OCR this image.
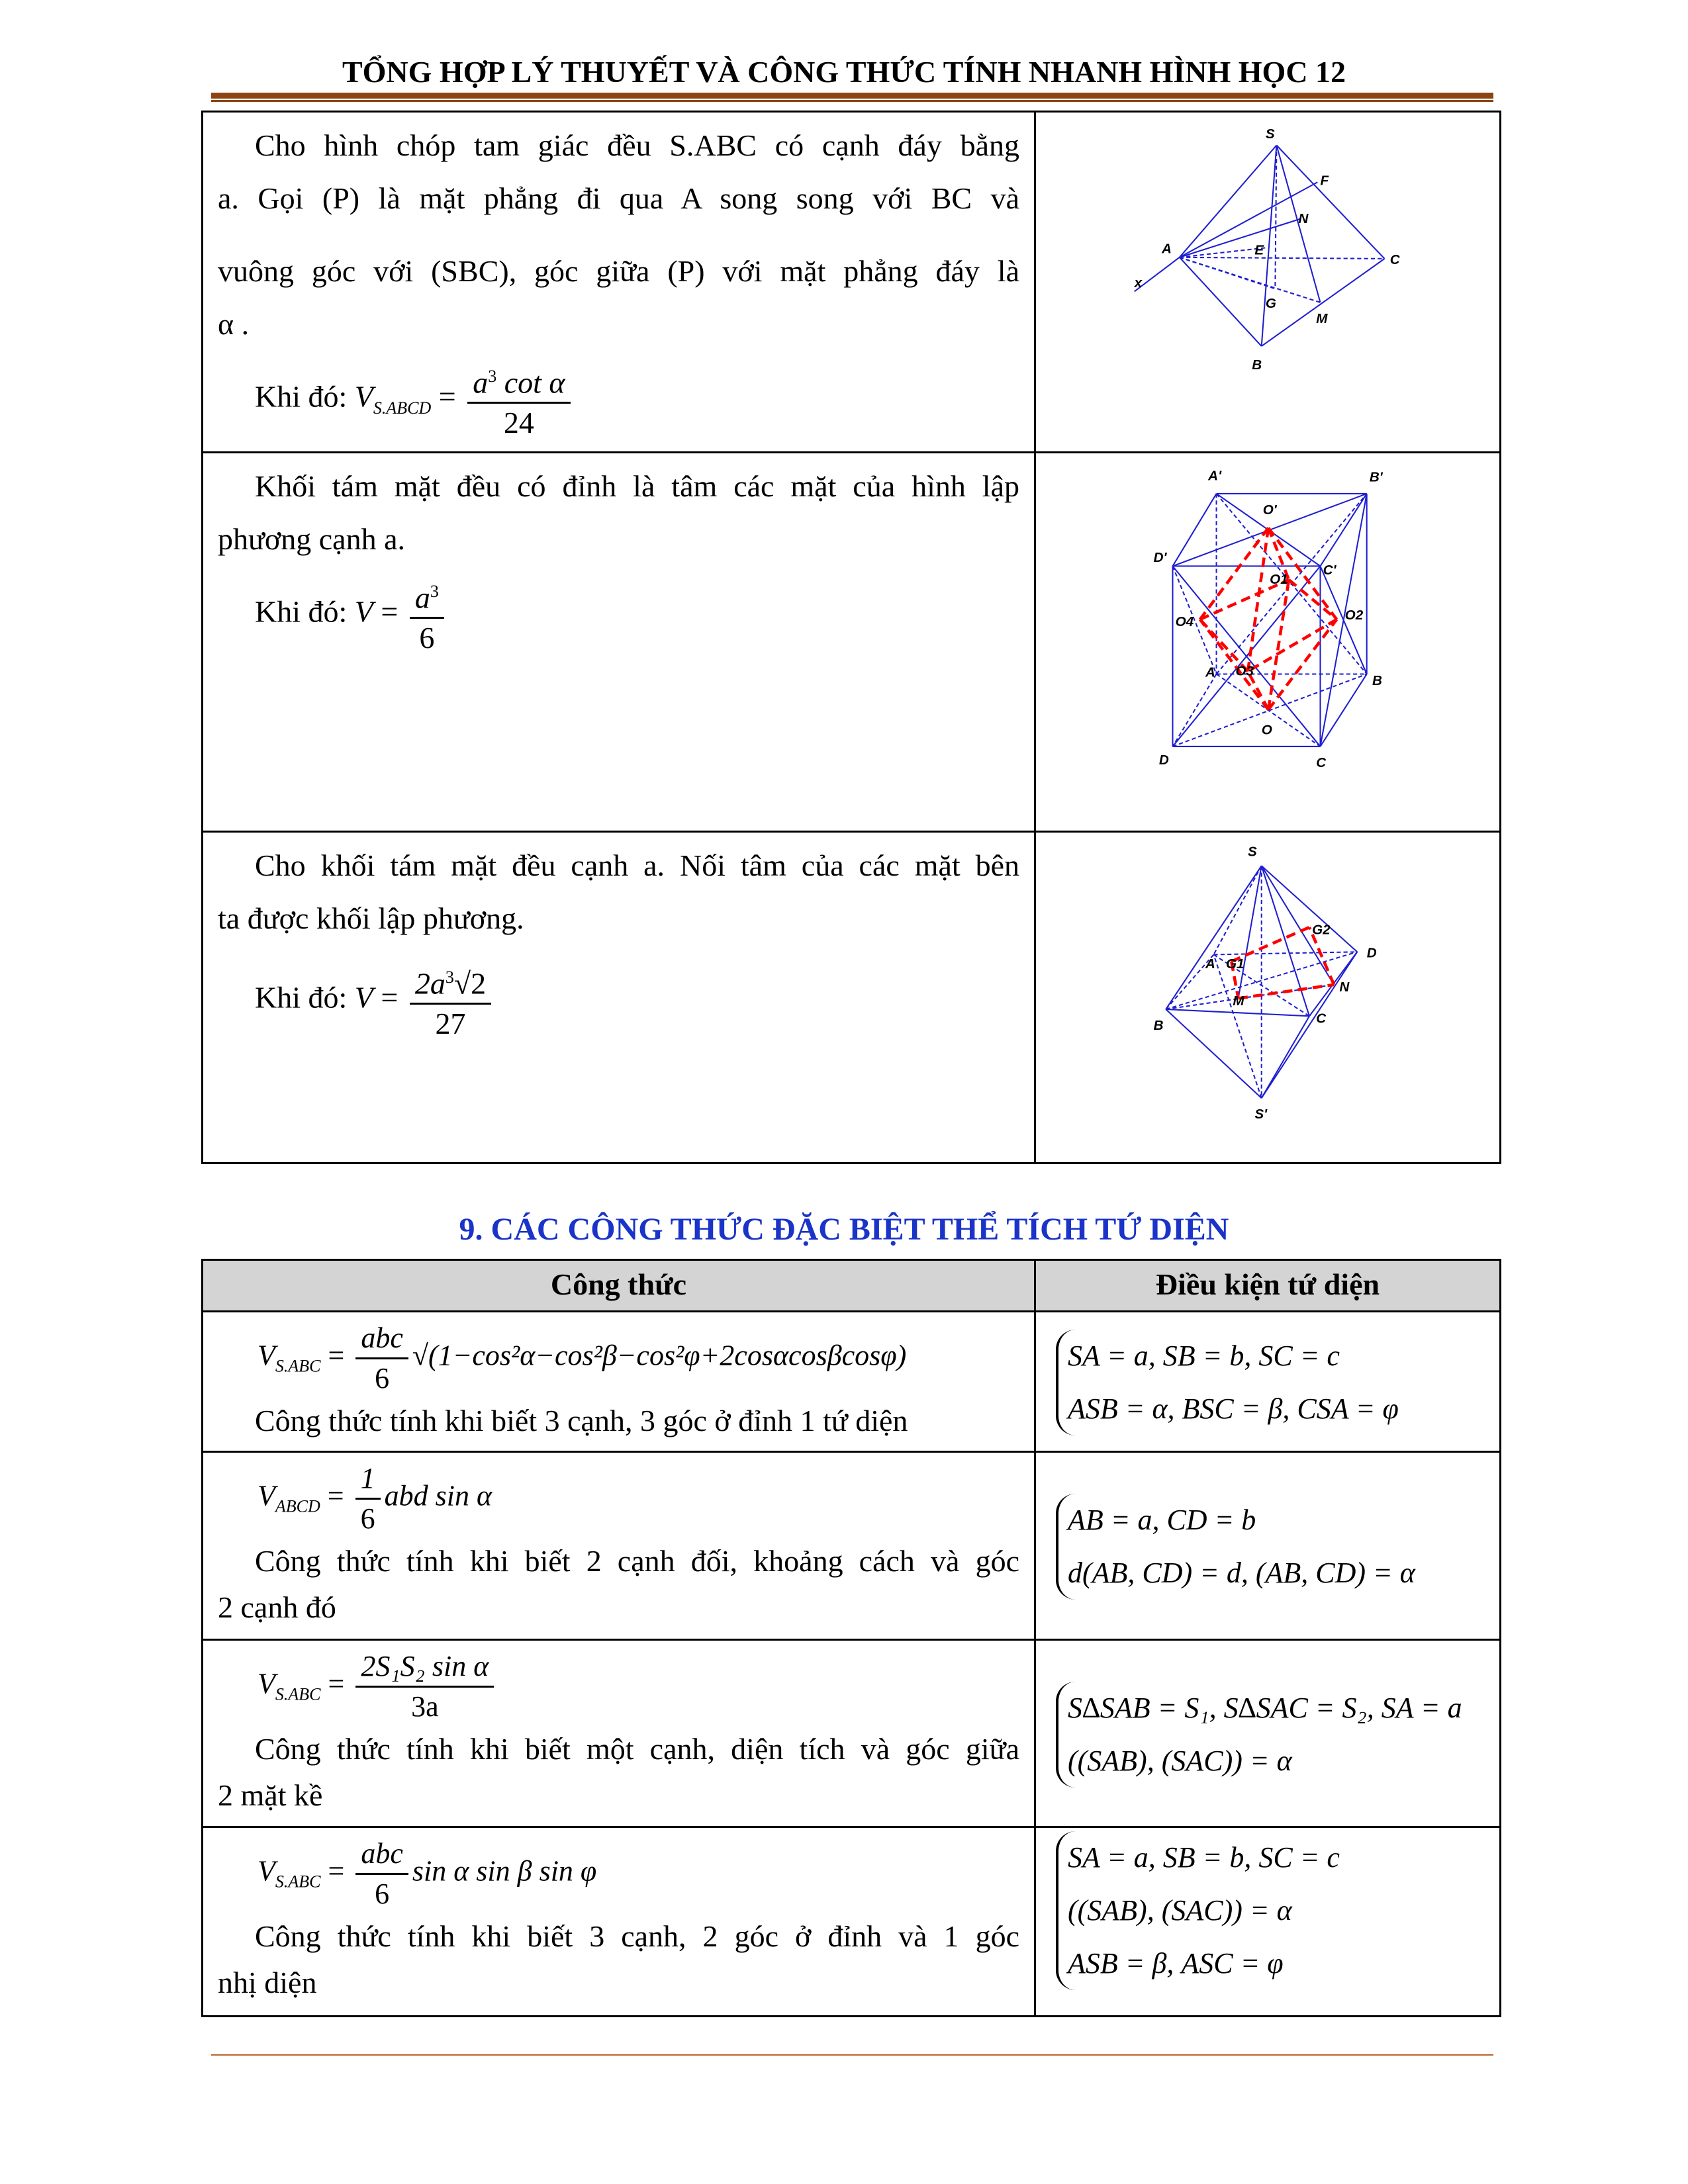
TỔNG HỢP LÝ THUYẾT VÀ CÔNG THỨC TÍNH NHANH HÌNH HỌC 12
Cho hình chóp tam giác đều S.ABC có cạnh đáy bằng
a. Gọi (P) là mặt phẳng đi qua A song song với BC và
vuông góc với (SBC), góc giữa (P) với mặt phẳng đáy là
α .
Khi đó: $V_{S.ABCD} = \frac{a^3 \cot \alpha}{24}$
S
F
N
A	E
C
x
G
M
B
Khối tám mặt đều có đỉnh là tâm các mặt của hình lập
phương cạnh a.
Khi đó: $V = \frac{a^3}{6}$
A'	B'
O'
D'
O1
C'
O4	O2
A	O3
B
O
D	C
Cho khối tám mặt đều cạnh a. Nối tâm của các mặt bên
ta được khối lập phương.
Khi đó: $V = \frac{2a^3√2}{27}$
S
G2
D
A G1
N
M
B	C
S'
9. CÁC CÔNG THỨC ĐẶC BIỆT THỂ TÍCH TỨ DIỆN
Công thức	Điều kiện tứ diện
$V_{S.ABC} = \frac{\text{abc}}{6} √(1-\cos^2\alpha-\cos^2\beta-\cos^2\varphi+2\cos\alpha\cos\beta\cos\varphi)$
Công thức tính khi biết 3 cạnh, 3 góc ở đỉnh 1 tứ diện
SA = a, SB = b, SC = c
ASB = α, BSC = β, CSA = φ
$V_{ABCD} = \frac{1}{6}$ abd sin α
Công thức tính khi biết 2 cạnh đối, khoảng cách và góc
2 cạnh đó
AB = a, CD = b
d(AB, CD) = d, (AB, CD) = α
$V_{S.ABC} = \frac{\text{2S₁S₂ sin α}}{3a}$
Công thức tính khi biết một cạnh, diện tích và góc giữa
2 mặt kề
S∆SAB = S₁, S∆SAC = S₂, SA = a
((SAB), (SAC)) = α
$V_{S.ABC} = \frac{\text{abc}}{6}$ sin α sin β sin φ
Công thức tính khi biết 3 cạnh, 2 góc ở đỉnh và 1 góc
nhị diện
SA = a, SB = b, SC = c
((SAB), (SAC)) = α
ASB = β, ASC = φ
